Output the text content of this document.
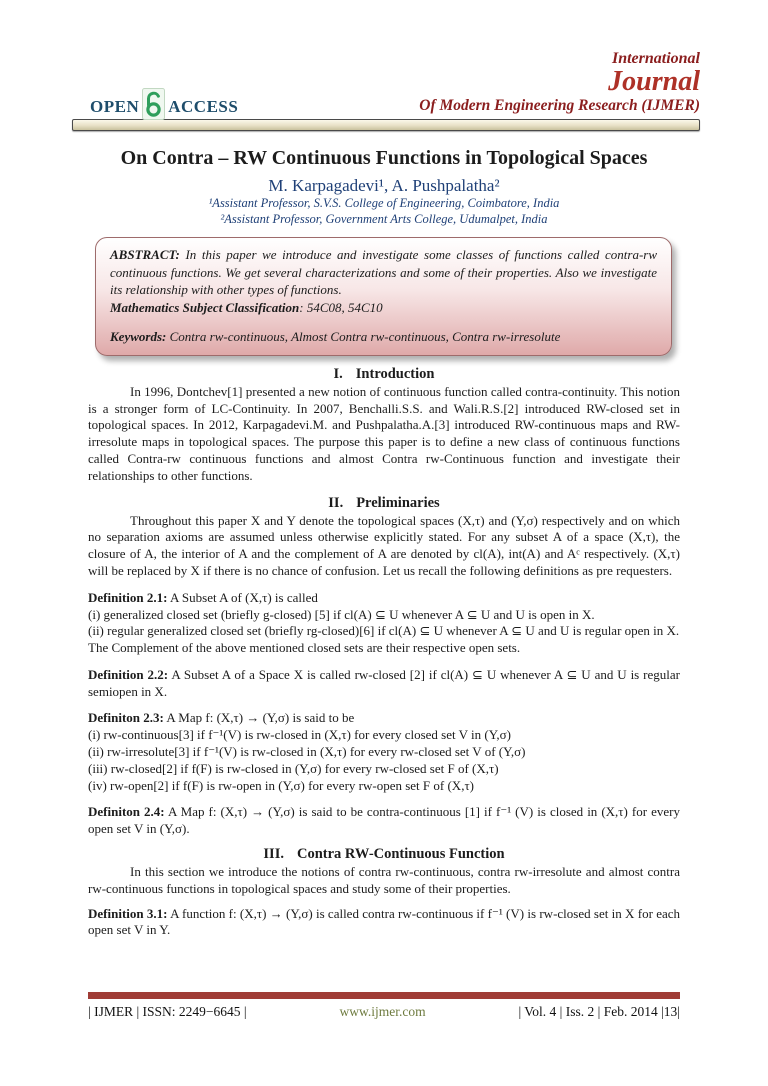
OPEN ACCESS
International
Journal
Of Modern Engineering Research (IJMER)
On Contra – RW Continuous Functions in Topological Spaces
M. Karpagadevi¹, A. Pushpalatha²
¹Assistant Professor, S.V.S. College of Engineering, Coimbatore, India
²Assistant Professor, Government Arts College, Udumalpet, India

ABSTRACT: In this paper we introduce and investigate some classes of functions called contra-rw continuous functions. We get several characterizations and some of their properties. Also we investigate its relationship with other types of functions.

Mathematics Subject Classification: 54C08, 54C10

Keywords: Contra rw-continuous, Almost Contra rw-continuous, Contra rw-irresolute

I. Introduction

In 1996, Dontchev[1] presented a new notion of continuous function called contra-continuity. This notion is a stronger form of LC-Continuity. In 2007, Benchalli.S.S. and Wali.R.S.[2] introduced RW-closed set in topological spaces. In 2012, Karpagadevi.M. and Pushpalatha.A.[3] introduced RW-continuous maps and RW-irresolute maps in topological spaces. The purpose this paper is to define a new class of continuous functions called Contra-rw continuous functions and almost Contra rw-Continuous function and investigate their relationships to other functions.

II. Preliminaries

Throughout this paper X and Y denote the topological spaces (X,τ) and (Y,σ) respectively and on which no separation axioms are assumed unless otherwise explicitly stated. For any subset A of a space (X,τ), the closure of A, the interior of A and the complement of A are denoted by cl(A), int(A) and Aᶜ respectively. (X,τ) will be replaced by X if there is no chance of confusion. Let us recall the following definitions as pre requesters.

Definition 2.1: A Subset A of (X,τ) is called
(i) generalized closed set (briefly g-closed) [5] if cl(A) ⊆ U whenever A ⊆ U and U is open in X.
(ii) regular generalized closed set (briefly rg-closed)[6] if cl(A) ⊆ U whenever A ⊆ U and U is regular open in X.
The Complement of the above mentioned closed sets are their respective open sets.
Definition 2.2: A Subset A of a Space X is called rw-closed [2] if cl(A) ⊆ U whenever A ⊆ U and U is regular semiopen in X.
Definiton 2.3: A Map f: (X,τ) → (Y,σ) is said to be
(i) rw-continuous[3] if f⁻¹(V) is rw-closed in (X,τ) for every closed set V in (Y,σ)
(ii) rw-irresolute[3] if f⁻¹(V) is rw-closed in (X,τ) for every rw-closed set V of (Y,σ)
(iii) rw-closed[2] if f(F) is rw-closed in (Y,σ) for every rw-closed set F of (X,τ)
(iv) rw-open[2] if f(F) is rw-open in (Y,σ) for every rw-open set F of (X,τ)
Definiton 2.4: A Map f: (X,τ) → (Y,σ) is said to be contra-continuous [1] if f⁻¹ (V) is closed in (X,τ) for every open set V in (Y,σ).
III. Contra RW-Continuous Function

In this section we introduce the notions of contra rw-continuous, contra rw-irresolute and almost contra rw-continuous functions in topological spaces and study some of their properties.

Definition 3.1: A function f: (X,τ) → (Y,σ) is called contra rw-continuous if f⁻¹ (V) is rw-closed set in X for each open set V in Y.
| IJMER | ISSN: 2249−6645 |	www.ijmer.com	| Vol. 4 | Iss. 2 | Feb. 2014 |13|
